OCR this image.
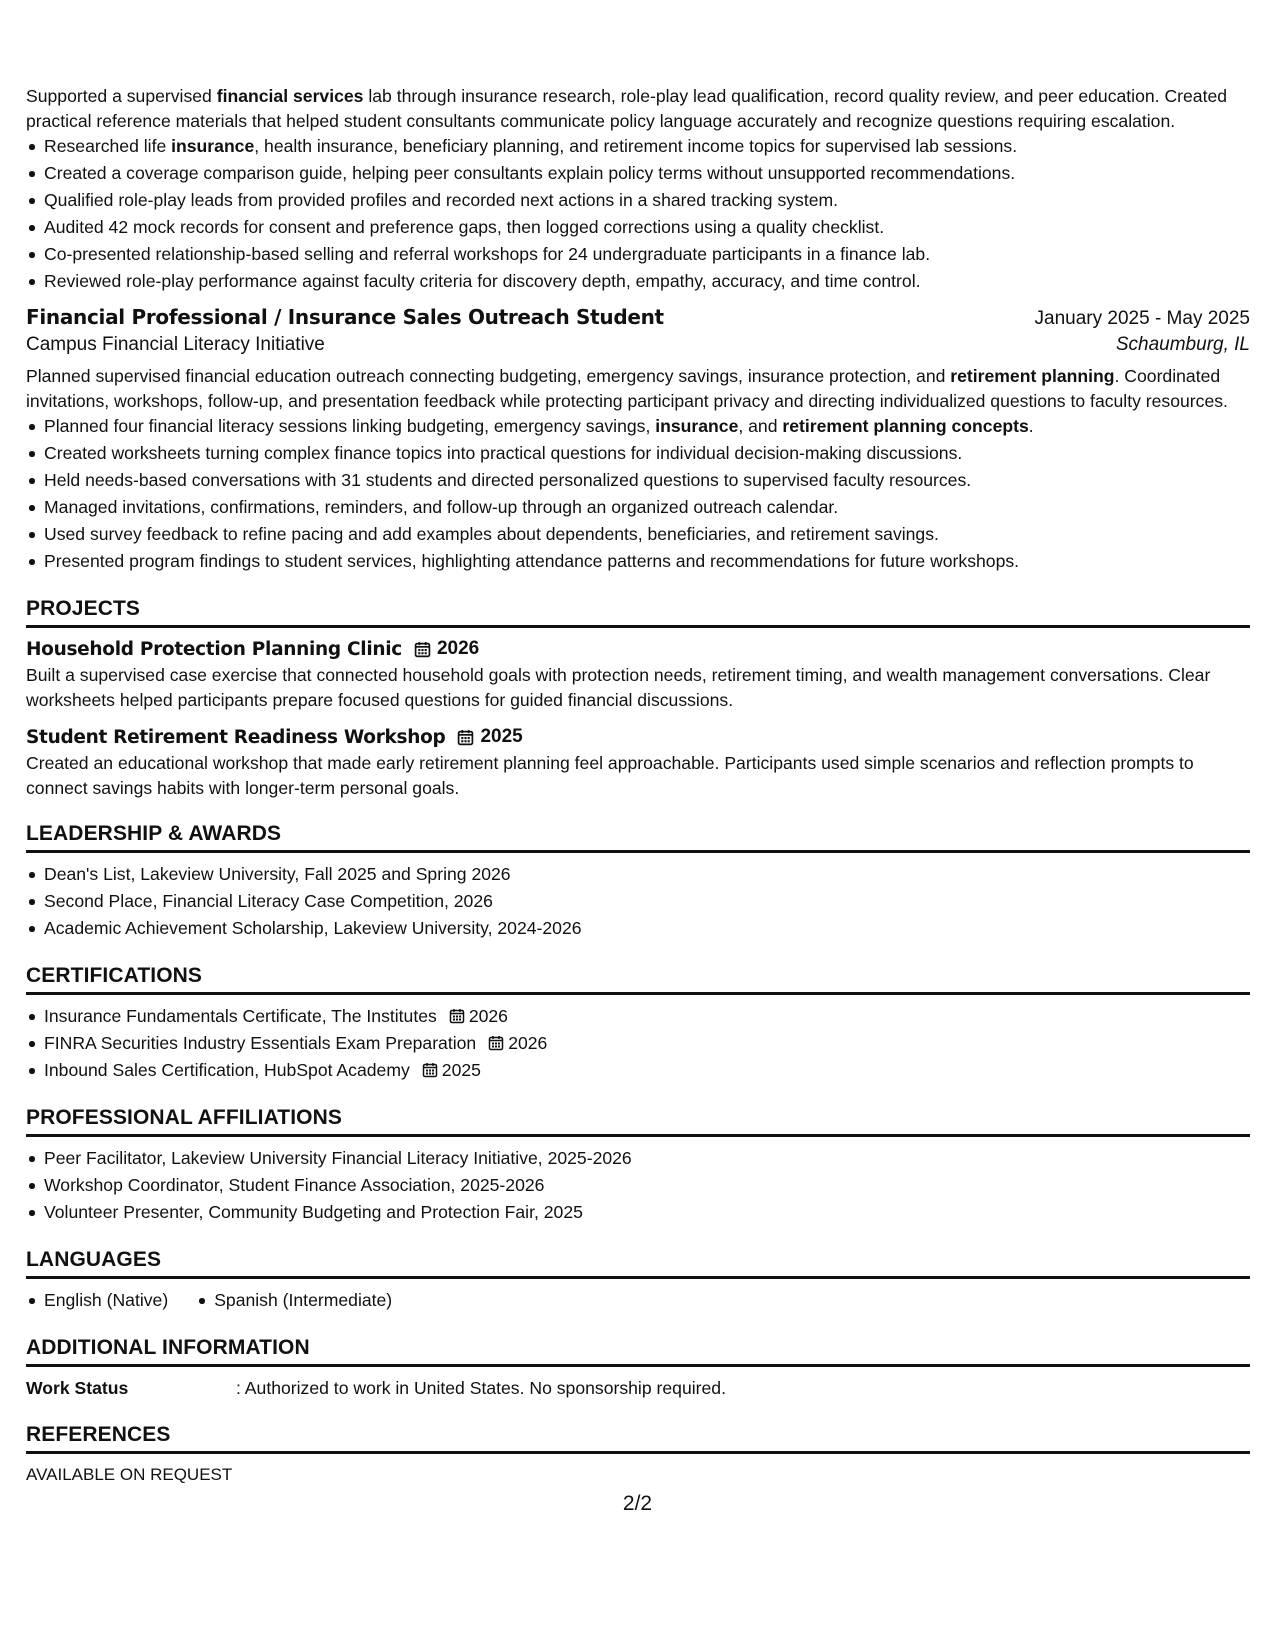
Supported a supervised financial services lab through insurance research, role-play lead qualification, record quality review, and peer education. Created practical reference materials that helped student consultants communicate policy language accurately and recognize questions requiring escalation.

Researched life insurance, health insurance, beneficiary planning, and retirement income topics for supervised lab sessions.
Created a coverage comparison guide, helping peer consultants explain policy terms without unsupported recommendations.
Qualified role-play leads from provided profiles and recorded next actions in a shared tracking system.
Audited 42 mock records for consent and preference gaps, then logged corrections using a quality checklist.
Co-presented relationship-based selling and referral workshops for 24 undergraduate participants in a finance lab.
Reviewed role-play performance against faculty criteria for discovery depth, empathy, accuracy, and time control.
Financial Professional / Insurance Sales Outreach Student	January 2025 - May 2025
Campus Financial Literacy Initiative	Schaumburg, IL

Planned supervised financial education outreach connecting budgeting, emergency savings, insurance protection, and retirement planning. Coordinated invitations, workshops, follow-up, and presentation feedback while protecting participant privacy and directing individualized questions to faculty resources.

Planned four financial literacy sessions linking budgeting, emergency savings, insurance, and retirement planning concepts.
Created worksheets turning complex finance topics into practical questions for individual decision-making discussions.
Held needs-based conversations with 31 students and directed personalized questions to supervised faculty resources.
Managed invitations, confirmations, reminders, and follow-up through an organized outreach calendar.
Used survey feedback to refine pacing and add examples about dependents, beneficiaries, and retirement savings.
Presented program findings to student services, highlighting attendance patterns and recommendations for future workshops.
PROJECTS
Household Protection Planning Clinic 2026

Built a supervised case exercise that connected household goals with protection needs, retirement timing, and wealth management conversations. Clear worksheets helped participants prepare focused questions for guided financial discussions.

Student Retirement Readiness Workshop 2025

Created an educational workshop that made early retirement planning feel approachable. Participants used simple scenarios and reflection prompts to connect savings habits with longer-term personal goals.

LEADERSHIP & AWARDS
Dean's List, Lakeview University, Fall 2025 and Spring 2026
Second Place, Financial Literacy Case Competition, 2026
Academic Achievement Scholarship, Lakeview University, 2024-2026
CERTIFICATIONS
Insurance Fundamentals Certificate, The Institutes 2026
FINRA Securities Industry Essentials Exam Preparation 2026
Inbound Sales Certification, HubSpot Academy 2025
PROFESSIONAL AFFILIATIONS
Peer Facilitator, Lakeview University Financial Literacy Initiative, 2025-2026
Workshop Coordinator, Student Finance Association, 2025-2026
Volunteer Presenter, Community Budgeting and Protection Fair, 2025
LANGUAGES
English (Native)	Spanish (Intermediate)
ADDITIONAL INFORMATION
Work Status	: Authorized to work in United States. No sponsorship required.
REFERENCES
AVAILABLE ON REQUEST
2/2
